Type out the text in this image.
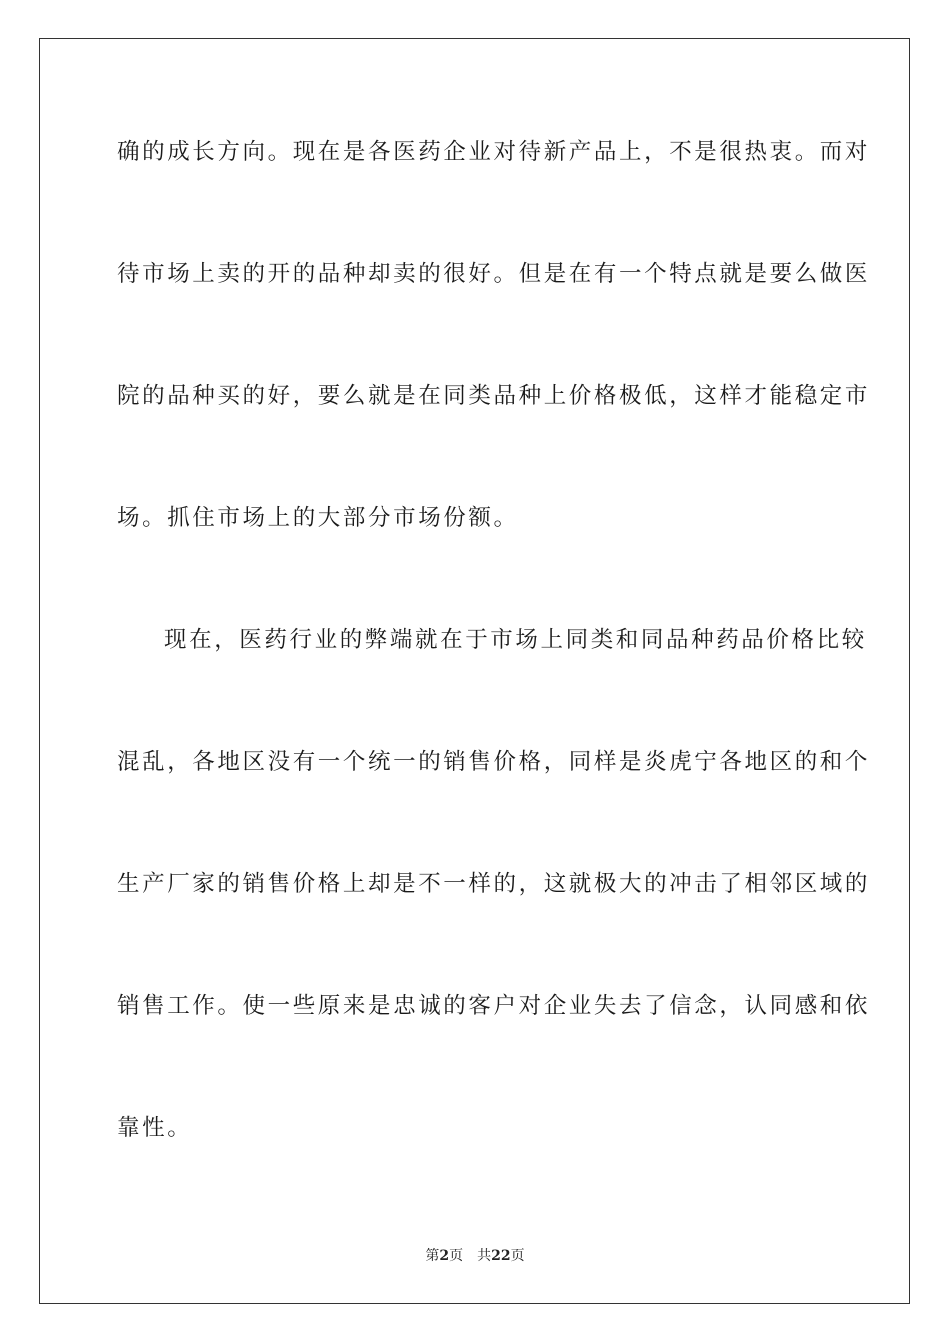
确的成长方向。现在是各医药企业对待新产品上，不是很热衷。而对
待市场上卖的开的品种却卖的很好。但是在有一个特点就是要么做医
院的品种买的好，要么就是在同类品种上价格极低，这样才能稳定市
场。抓住市场上的大部分市场份额。
现在，医药行业的弊端就在于市场上同类和同品种药品价格比较
混乱，各地区没有一个统一的销售价格，同样是炎虎宁各地区的和个
生产厂家的销售价格上却是不一样的，这就极大的冲击了相邻区域的
销售工作。使一些原来是忠诚的客户对企业失去了信念，认同感和依
靠性。
第2页 共22页
